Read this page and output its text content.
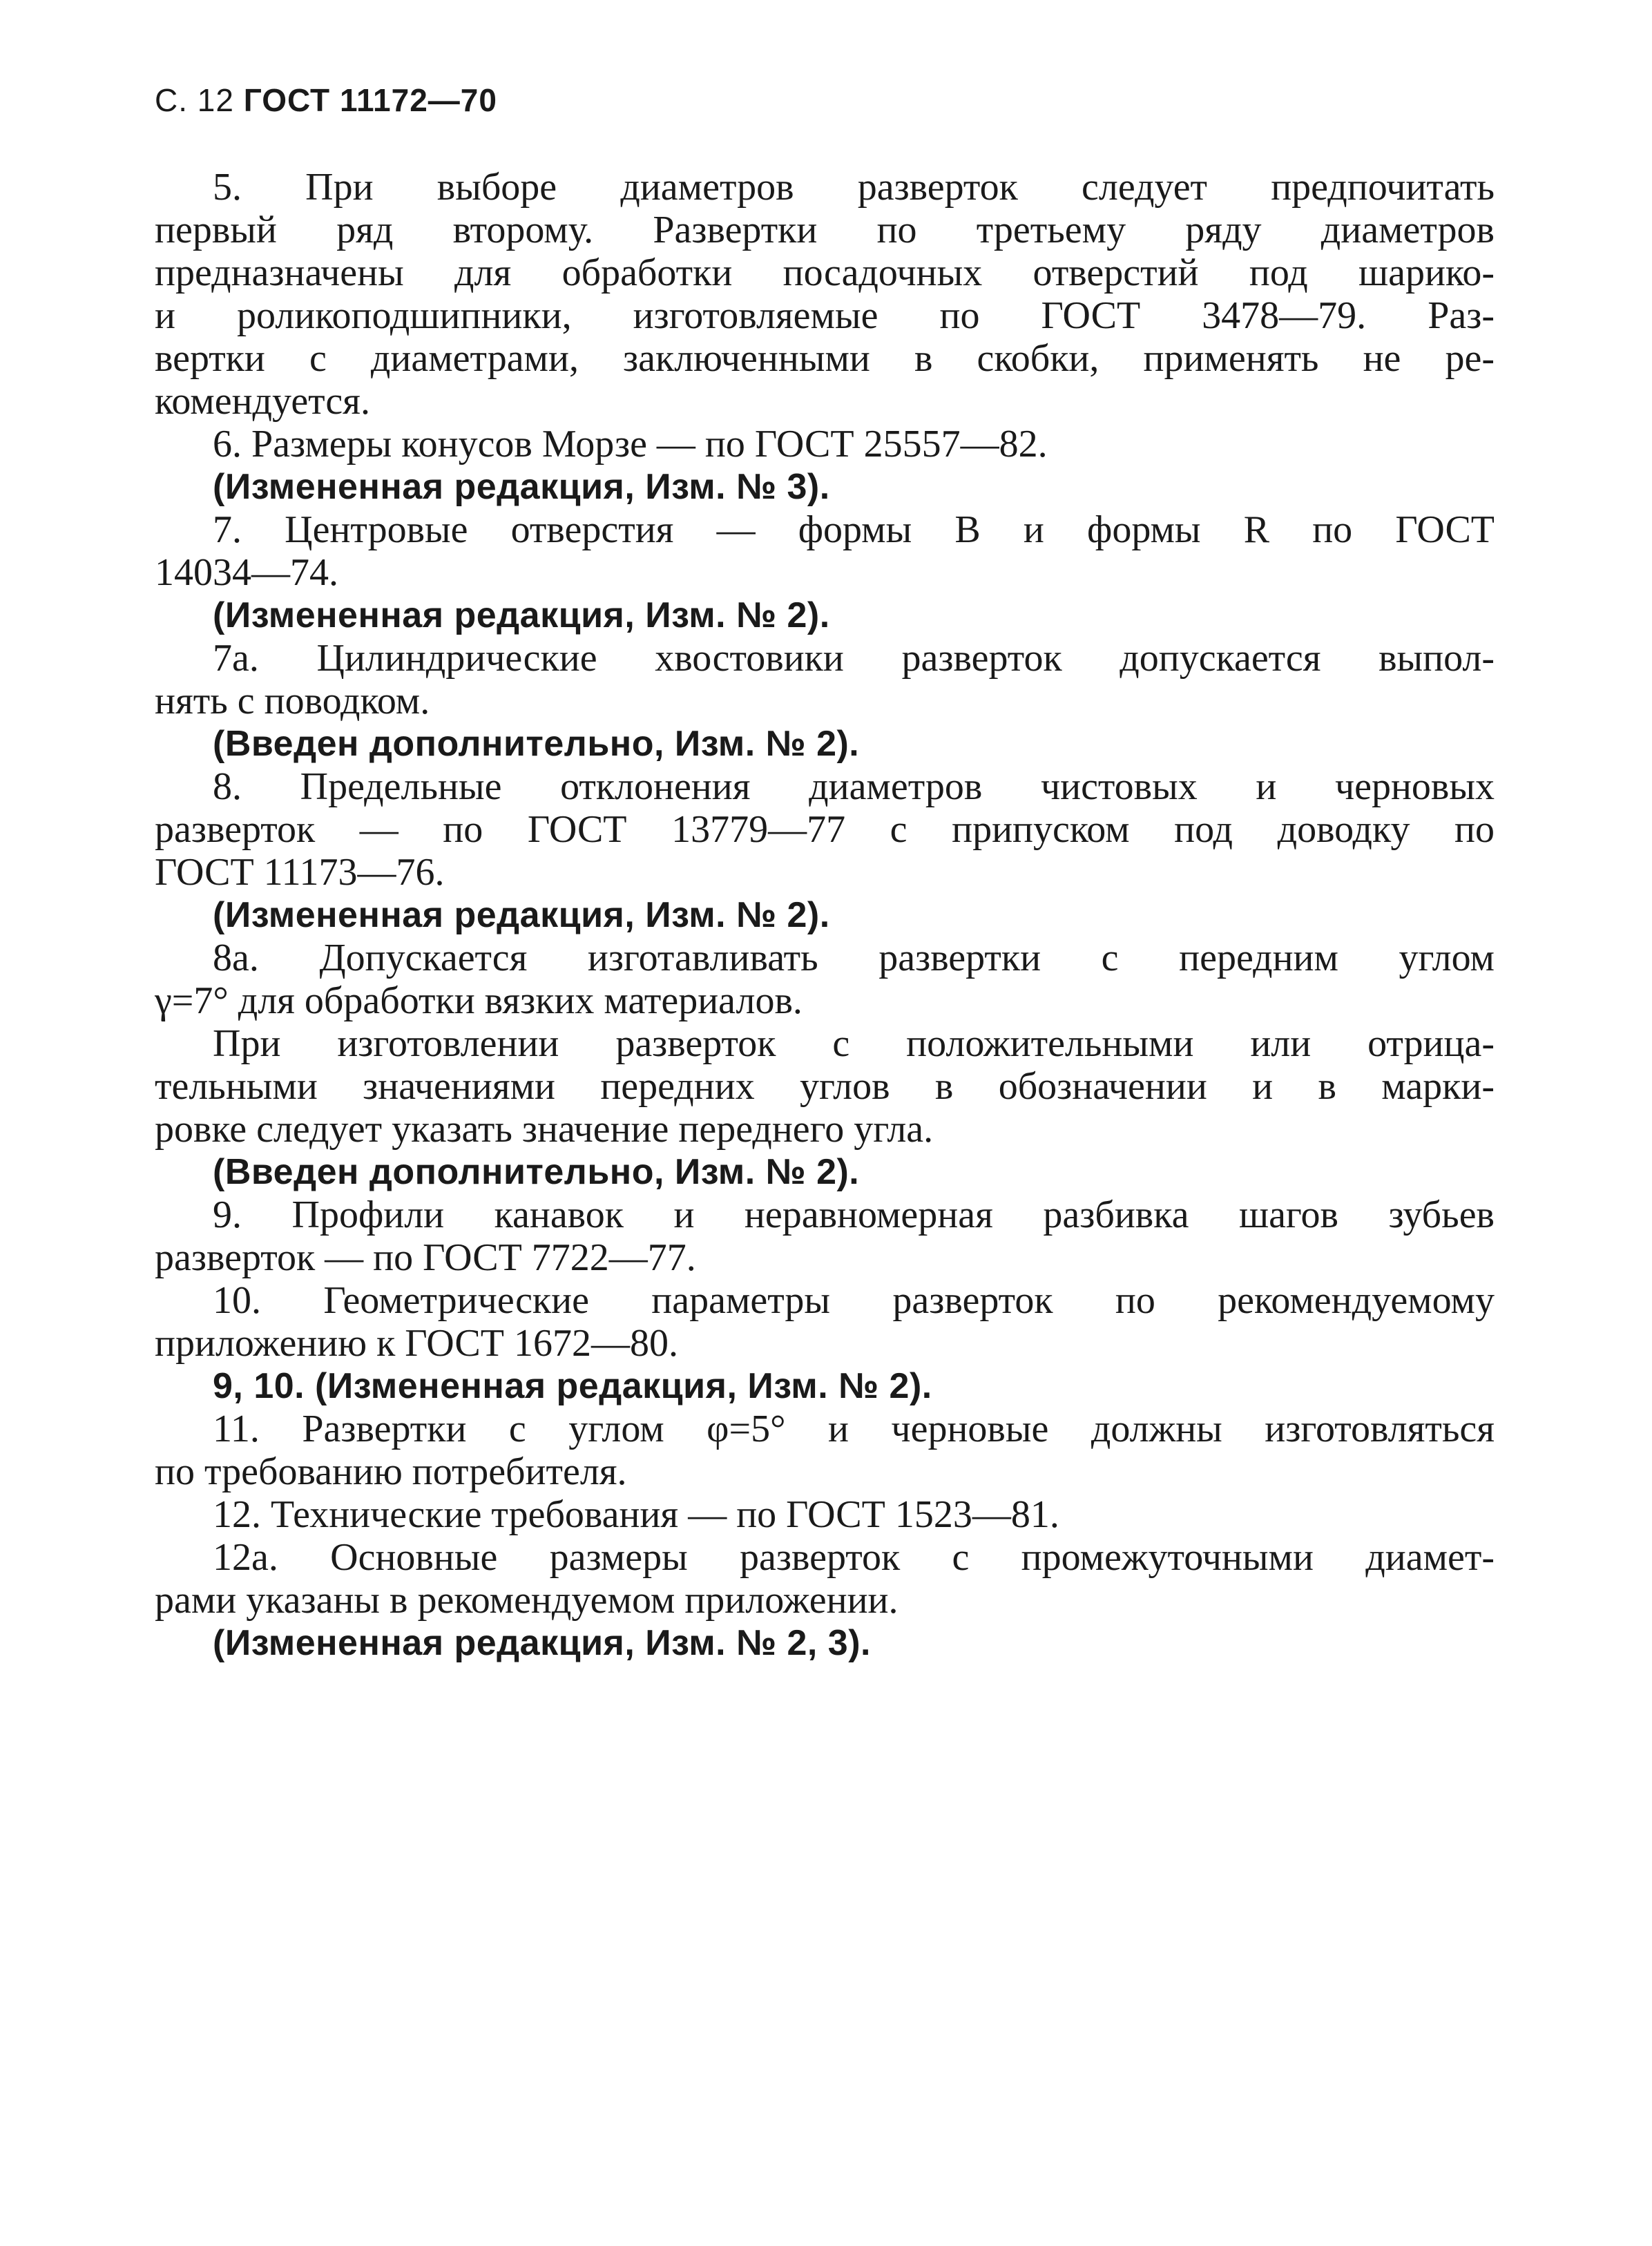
С. 12 ГОСТ 11172—70
5. При выборе диаметров разверток следует предпочитать
первый ряд второму. Развертки по третьему ряду диаметров
предназначены для обработки посадочных отверстий под шарико-
и роликоподшипники, изготовляемые по ГОСТ 3478—79. Раз-
вертки с диаметрами, заключенными в скобки, применять не ре-
комендуется.
6. Размеры конусов Морзе — по ГОСТ 25557—82.
(Измененная редакция, Изм. № 3).
7. Центровые отверстия — формы В и формы R по ГОСТ
14034—74.
(Измененная редакция, Изм. № 2).
7а. Цилиндрические хвостовики разверток допускается выпол-
нять с поводком.
(Введен дополнительно, Изм. № 2).
8. Предельные отклонения диаметров чистовых и черновых
разверток — по ГОСТ 13779—77 с припуском под доводку по
ГОСТ 11173—76.
(Измененная редакция, Изм. № 2).
8а. Допускается изготавливать развертки с передним углом
γ=7° для обработки вязких материалов.
При изготовлении разверток с положительными или отрица-
тельными значениями передних углов в обозначении и в марки-
ровке следует указать значение переднего угла.
(Введен дополнительно, Изм. № 2).
9. Профили канавок и неравномерная разбивка шагов зубьев
разверток — по ГОСТ 7722—77.
10. Геометрические параметры разверток по рекомендуемому
приложению к ГОСТ 1672—80.
9, 10. (Измененная редакция, Изм. № 2).
11. Развертки с углом φ=5° и черновые должны изготовляться
по требованию потребителя.
12. Технические требования — по ГОСТ 1523—81.
12а. Основные размеры разверток с промежуточными диамет-
рами указаны в рекомендуемом приложении.
(Измененная редакция, Изм. № 2, 3).
